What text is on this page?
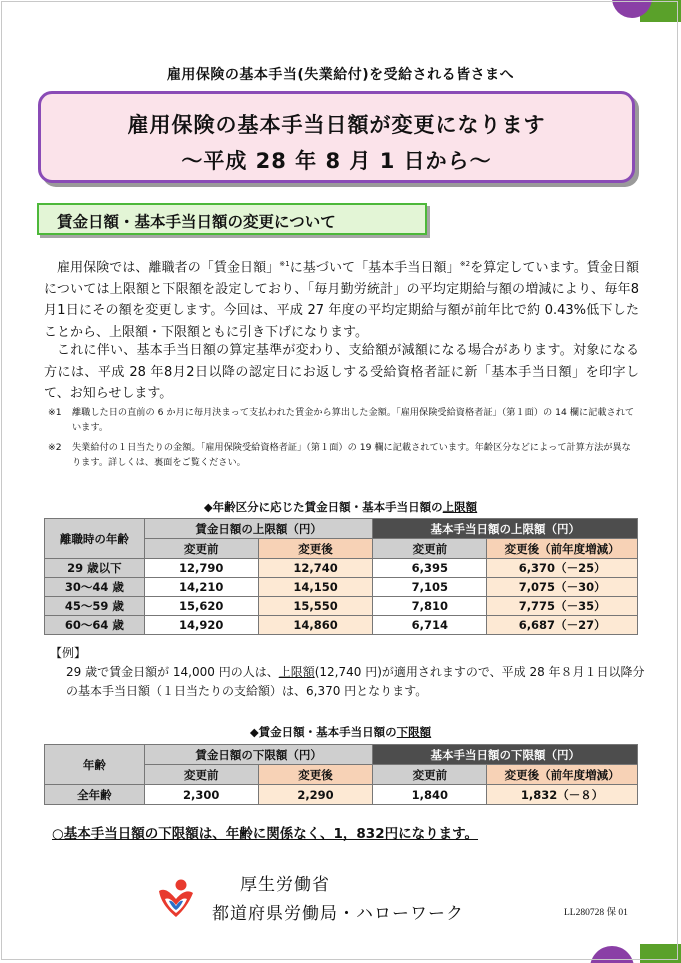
雇用保険の基本手当(失業給付)を受給される皆さまへ
雇用保険の基本手当日額が変更になります
～平成 28 年 8 月 1 日から～
賃金日額・基本手当日額の変更について
雇用保険では、離職者の「賃金日額」$^{※1}$に基づいて「基本手当日額」$^{※2}$を算定しています。賃金日額については上限額と下限額を設定しており、「毎月勤労統計」の平均定期給与額の増減により、毎年8月1日にその額を変更します。今回は、平成 27 年度の平均定期給与額が前年比で約 0.43%低下したことから、上限額・下限額ともに引き下げになります。
これに伴い、基本手当日額の算定基準が変わり、支給額が減額になる場合があります。対象になる方には、平成 28 年8月2日以降の認定日にお返しする受給資格者証に新「基本手当日額」を印字して、お知らせします。
※1 離職した日の直前の 6 か月に毎月決まって支払われた賃金から算出した金額。「雇用保険受給資格者証」（第１面）の 14 欄に記載されています。
※2 失業給付の１日当たりの金額。「雇用保険受給資格者証」（第１面）の 19 欄に記載されています。年齢区分などによって計算方法が異なります。詳しくは、裏面をご覧ください。
◆年齢区分に応じた賃金日額・基本手当日額の上限額
離職時の年齢	賃金日額の上限額（円）		基本手当日額の上限額（円）	
	変更前	変更後	変更前	変更後（前年度増減）
29 歳以下	12,790	12,740	6,395	6,370（－25）
30～44 歳	14,210	14,150	7,105	7,075（－30）
45～59 歳	15,620	15,550	7,810	7,775（－35）
60～64 歳	14,920	14,860	6,714	6,687（－27）
【例】
29 歳で賃金日額が 14,000 円の人は、上限額(12,740 円)が適用されますので、平成 28 年８月１日以降分の基本手当日額（１日当たりの支給額）は、6,370 円となります。
◆賃金日額・基本手当日額の下限額
年齢	賃金日額の下限額（円）		基本手当日額の下限額（円）	
	変更前	変更後	変更前	変更後（前年度増減）
全年齢	2,300	2,290	1,840	1,832（－８）
○基本手当日額の下限額は、年齢に関係なく、1，832円になります。
厚生労働省
都道府県労働局・ハローワーク	LL280728 保 01
